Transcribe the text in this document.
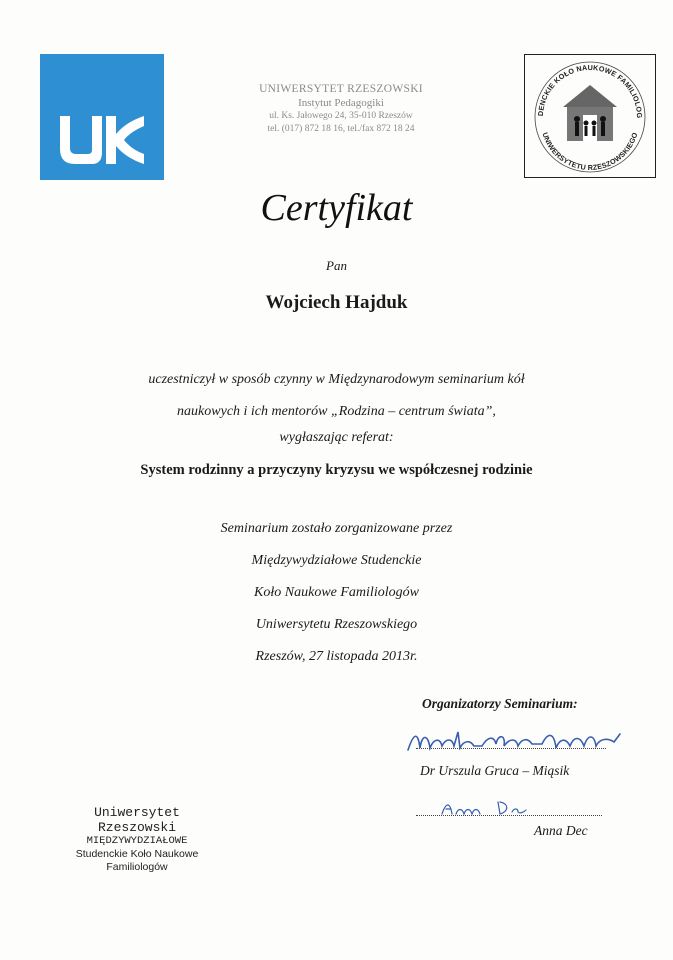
UNIWERSYTET RZESZOWSKI
Instytut Pedagogiki
ul. Ks. Jałowego 24, 35-010 Rzeszów
tel. (017) 872 18 16, tel./fax 872 18 24
DENCKIE KOŁO NAUKOWE FAMILIOLOG
UNIWERSYTETU RZESZOWSKIEGO
Certyfikat
Pan
Wojciech Hajduk
uczestniczył w sposób czynny w Międzynarodowym seminarium kół
naukowych i ich mentorów „Rodzina – centrum świata”,
wygłaszając referat:
System rodzinny a przyczyny kryzysu we współczesnej rodzinie
Seminarium zostało zorganizowane przez
Międzywydziałowe Studenckie
Koło Naukowe Familiologów
Uniwersytetu Rzeszowskiego
Rzeszów, 27 listopada 2013r.
Organizatorzy Seminarium:
Dr Urszula Gruca – Miąsik
Anna Dec
Uniwersytet Rzeszowski
MIĘDZYWYDZIAŁOWE
Studenckie Koło Naukowe
Familiologów
